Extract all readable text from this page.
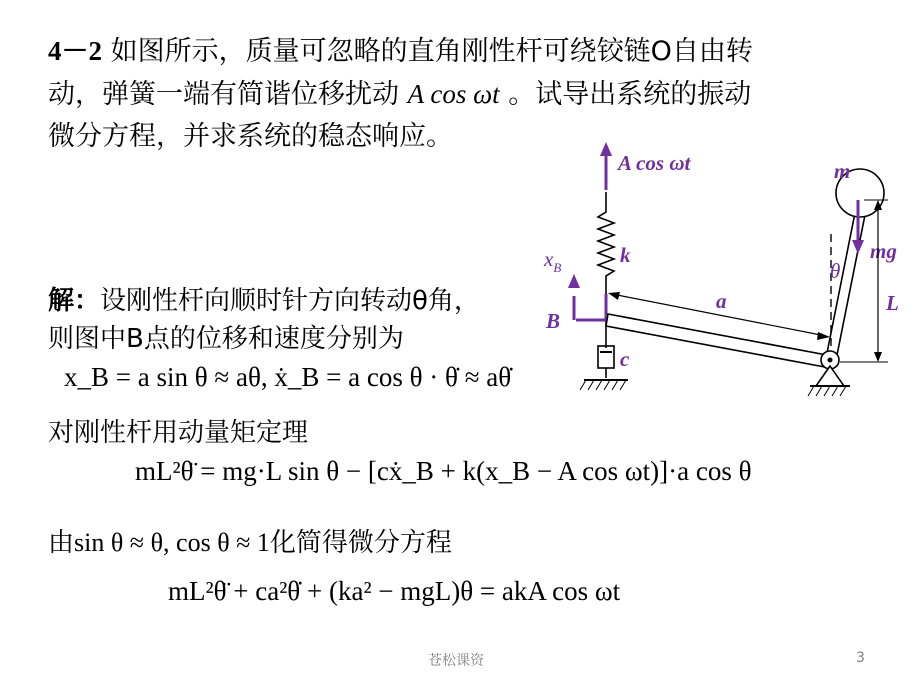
4－2 如图所示，质量可忽略的直角刚性杆可绕铰链O自由转
动，弹簧一端有简谐位移扰动 A cos ωt 。试导出系统的振动
微分方程，并求系统的稳态响应。
解：设刚性杆向顺时针方向转动θ角，
则图中B点的位移和速度分别为
x_B = a sin θ ≈ aθ, ẋ_B = a cos θ · θ̇ ≈ aθ̇
对刚性杆用动量矩定理
mL²θ̈ = mg·L sin θ − [cẋ_B + k(x_B − A cos ωt)]·a cos θ
由sin θ ≈ θ, cos θ ≈ 1化简得微分方程
mL²θ̈ + ca²θ̇ + (ka² − mgL)θ = akA cos ωt
A cos ωt
k
$x_B$
B
c
a
θ
m
mg
L
苍松课资	3
